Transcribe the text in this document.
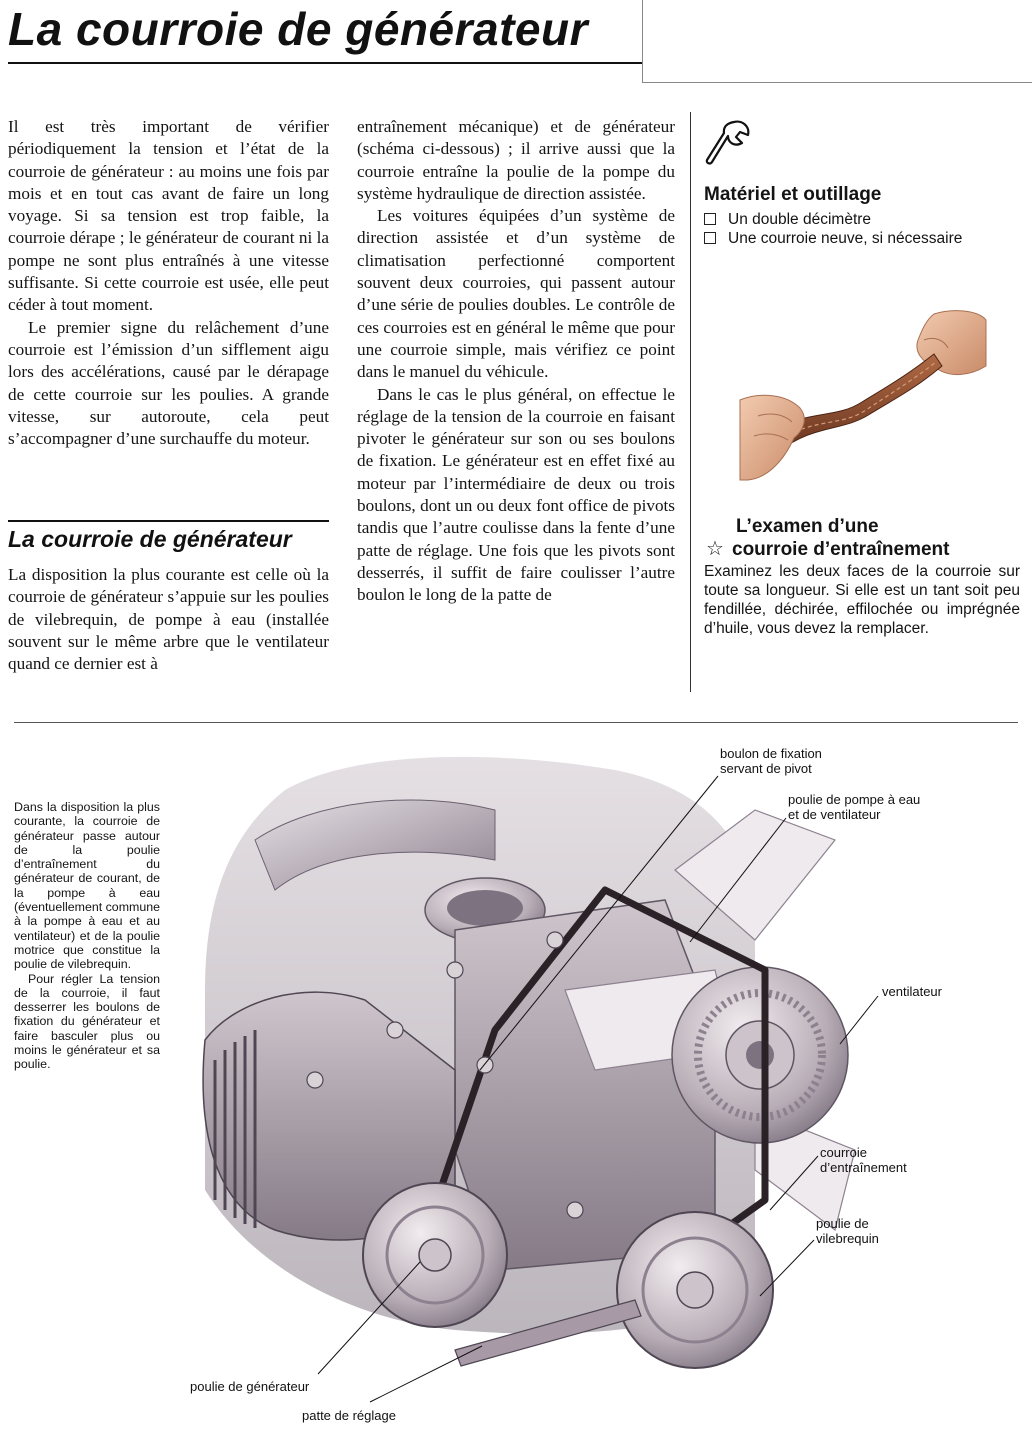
La courroie de générateur

Il est très important de vérifier périodiquement la tension et l’état de la courroie de générateur : au moins une fois par mois et en tout cas avant de faire un long voyage. Si sa tension est trop faible, la courroie dérape ; le générateur de courant ni la pompe ne sont plus entraînés à une vitesse suffisante. Si cette courroie est usée, elle peut céder à tout moment.

Le premier signe du relâchement d’une courroie est l’émission d’un sifflement aigu lors des accélérations, causé par le dérapage de cette courroie sur les poulies. A grande vitesse, sur autoroute, cela peut s’accompagner d’une surchauffe du moteur.

La courroie de générateur

La disposition la plus courante est celle où la courroie de générateur s’appuie sur les poulies de vilebrequin, de pompe à eau (installée souvent sur le même arbre que le ventilateur quand ce dernier est à

entraînement mécanique) et de générateur (schéma ci-dessous) ; il arrive aussi que la courroie entraîne la poulie de la pompe du système hydraulique de direction assistée.

Les voitures équipées d’un système de direction assistée et d’un système de climatisation perfectionné comportent souvent deux courroies, qui passent autour d’une série de poulies doubles. Le contrôle de ces courroies est en général le même que pour une courroie simple, mais vérifiez ce point dans le manuel du véhicule.

Dans le cas le plus général, on effectue le réglage de la tension de la courroie en faisant pivoter le générateur sur son ou ses boulons de fixation. Le générateur est en effet fixé au moteur par l’intermédiaire de deux ou trois boulons, dont un ou deux font office de pivots tandis que l’autre coulisse dans la fente d’une patte de réglage. Une fois que les pivots sont desserrés, il suffit de faire coulisser l’autre boulon le long de la patte de

Matériel et outillage
Un double décimètre
Une courroie neuve, si nécessaire
L’examen d’une
☆ courroie d’entraînement
Examinez les deux faces de la courroie sur toute sa longueur. Si elle est un tant soit peu fendillée, déchirée, effilochée ou imprégnée d’huile, vous devez la remplacer.

Dans la disposition la plus courante, la courroie de générateur passe autour de la poulie d’entraînement du générateur de courant, de la pompe à eau (éventuellement commune à la pompe à eau et au ventilateur) et de la poulie motrice que constitue la poulie de vilebrequin.

Pour régler La tension de la courroie, il faut desserrer les boulons de fixation du générateur et faire basculer plus ou moins le générateur et sa poulie.

boulon de fixation
servant de pivot
poulie de pompe à eau
et de ventilateur
ventilateur
courroie
d’entraînement
poulie de
vilebrequin
poulie de générateur
patte de réglage
